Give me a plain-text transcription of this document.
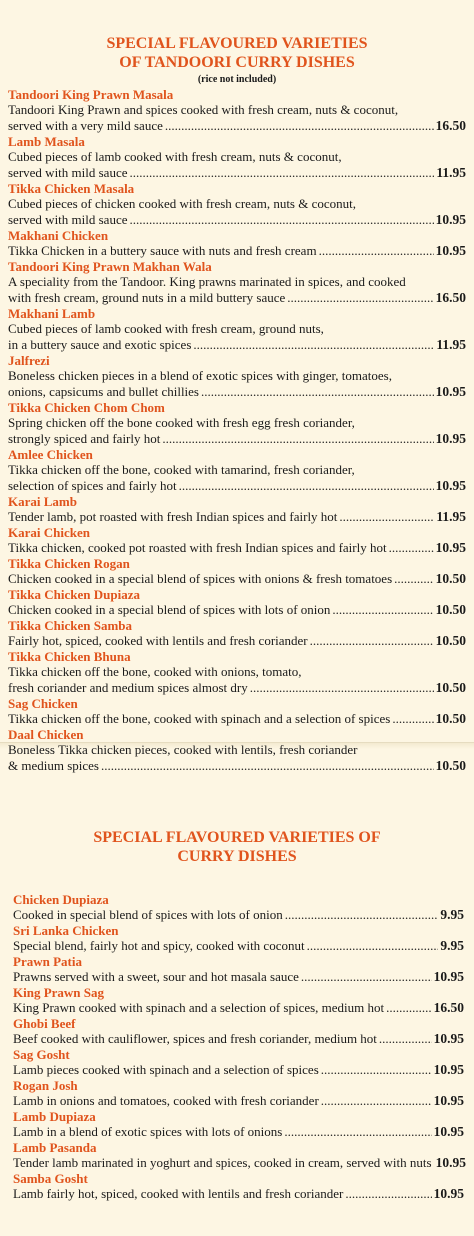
SPECIAL FLAVOURED VARIETIES

OF TANDOORI CURRY DISHES

(rice not included)

Tandoori King Prawn Masala
Tandoori King Prawn and spices cooked with fresh cream, nuts & coconut,
served with a very mild sauce .....	16.50
Lamb Masala
Cubed pieces of lamb cooked with fresh cream, nuts & coconut,
served with mild sauce .....	11.95
Tikka Chicken Masala
Cubed pieces of chicken cooked with fresh cream, nuts & coconut,
served with mild sauce .....	10.95
Makhani Chicken
Tikka Chicken in a buttery sauce with nuts and fresh cream .....	10.95
Tandoori King Prawn Makhan Wala
A speciality from the Tandoor. King prawns marinated in spices, and cooked
with fresh cream, ground nuts in a mild buttery sauce .....	16.50
Makhani Lamb
Cubed pieces of lamb cooked with fresh cream, ground nuts,
in a buttery sauce and exotic spices .....	11.95
Jalfrezi
Boneless chicken pieces in a blend of exotic spices with ginger, tomatoes,
onions, capsicums and bullet chillies .....	10.95
Tikka Chicken Chom Chom
Spring chicken off the bone cooked with fresh egg fresh coriander,
strongly spiced and fairly hot .....	10.95
Amlee Chicken
Tikka chicken off the bone, cooked with tamarind, fresh coriander,
selection of spices and fairly hot .....	10.95
Karai Lamb
Tender lamb, pot roasted with fresh Indian spices and fairly hot .....	11.95
Karai Chicken
Tikka chicken, cooked pot roasted with fresh Indian spices and fairly hot .....	10.95
Tikka Chicken Rogan
Chicken cooked in a special blend of spices with onions & fresh tomatoes .....	10.50
Tikka Chicken Dupiaza
Chicken cooked in a special blend of spices with lots of onion .....	10.50
Tikka Chicken Samba
Fairly hot, spiced, cooked with lentils and fresh coriander .....	10.50
Tikka Chicken Bhuna
Tikka chicken off the bone, cooked with onions, tomato,
fresh coriander and medium spices almost dry .....	10.50
Sag Chicken
Tikka chicken off the bone, cooked with spinach and a selection of spices .....	10.50
Daal Chicken
Boneless Tikka chicken pieces, cooked with lentils, fresh coriander
& medium spices .....	10.50

SPECIAL FLAVOURED VARIETIES OF

CURRY DISHES

Chicken Dupiaza
Cooked in special blend of spices with lots of onion .....	9.95
Sri Lanka Chicken
Special blend, fairly hot and spicy, cooked with coconut .....	9.95
Prawn Patia
Prawns served with a sweet, sour and hot masala sauce .....	10.95
King Prawn Sag
King Prawn cooked with spinach and a selection of spices, medium hot .....	16.50
Ghobi Beef
Beef cooked with cauliflower, spices and fresh coriander, medium hot .....	10.95
Sag Gosht
Lamb pieces cooked with spinach and a selection of spices .....	10.95
Rogan Josh
Lamb in onions and tomatoes, cooked with fresh coriander .....	10.95
Lamb Dupiaza
Lamb in a blend of exotic spices with lots of onions .....	10.95
Lamb Pasanda
Tender lamb marinated in yoghurt and spices, cooked in cream, served with nuts 10.95
Samba Gosht
Lamb fairly hot, spiced, cooked with lentils and fresh coriander .....	10.95
